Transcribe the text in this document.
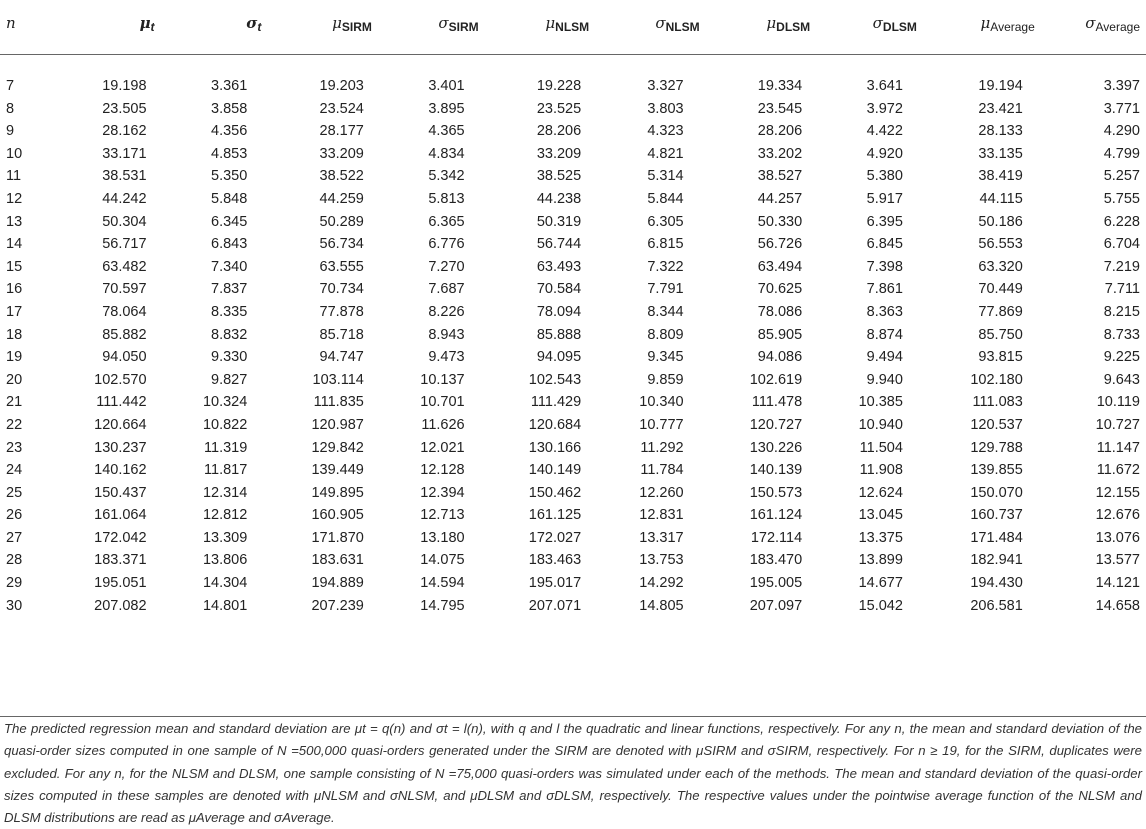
n	$\mu_t$	$\sigma_t$	$\mu_{SIRM}$	$\sigma_{SIRM}$	$\mu_{NLSM}$	$\sigma_{NLSM}$	$\mu_{DLSM}$	$\sigma_{DLSM}$	$\mu_{Average}$	$\sigma_{Average}$

7	19.198	3.361	19.203	3.401	19.228	3.327	19.334	3.641	19.194	3.397
8	23.505	3.858	23.524	3.895	23.525	3.803	23.545	3.972	23.421	3.771
9	28.162	4.356	28.177	4.365	28.206	4.323	28.206	4.422	28.133	4.290
10	33.171	4.853	33.209	4.834	33.209	4.821	33.202	4.920	33.135	4.799
11	38.531	5.350	38.522	5.342	38.525	5.314	38.527	5.380	38.419	5.257
12	44.242	5.848	44.259	5.813	44.238	5.844	44.257	5.917	44.115	5.755
13	50.304	6.345	50.289	6.365	50.319	6.305	50.330	6.395	50.186	6.228
14	56.717	6.843	56.734	6.776	56.744	6.815	56.726	6.845	56.553	6.704
15	63.482	7.340	63.555	7.270	63.493	7.322	63.494	7.398	63.320	7.219
16	70.597	7.837	70.734	7.687	70.584	7.791	70.625	7.861	70.449	7.711
17	78.064	8.335	77.878	8.226	78.094	8.344	78.086	8.363	77.869	8.215
18	85.882	8.832	85.718	8.943	85.888	8.809	85.905	8.874	85.750	8.733
19	94.050	9.330	94.747	9.473	94.095	9.345	94.086	9.494	93.815	9.225
20	102.570	9.827	103.114	10.137	102.543	9.859	102.619	9.940	102.180	9.643
21	111.442	10.324	111.835	10.701	111.429	10.340	111.478	10.385	111.083	10.119
22	120.664	10.822	120.987	11.626	120.684	10.777	120.727	10.940	120.537	10.727
23	130.237	11.319	129.842	12.021	130.166	11.292	130.226	11.504	129.788	11.147
24	140.162	11.817	139.449	12.128	140.149	11.784	140.139	11.908	139.855	11.672
25	150.437	12.314	149.895	12.394	150.462	12.260	150.573	12.624	150.070	12.155
26	161.064	12.812	160.905	12.713	161.125	12.831	161.124	13.045	160.737	12.676
27	172.042	13.309	171.870	13.180	172.027	13.317	172.114	13.375	171.484	13.076
28	183.371	13.806	183.631	14.075	183.463	13.753	183.470	13.899	182.941	13.577
29	195.051	14.304	194.889	14.594	195.017	14.292	195.005	14.677	194.430	14.121
30	207.082	14.801	207.239	14.795	207.071	14.805	207.097	15.042	206.581	14.658

The predicted regression mean and standard deviation are μt = q(n) and σt = l(n), with q and l the quadratic and linear functions, respectively. For any n, the mean and standard deviation of the quasi-order sizes computed in one sample of N =500,000 quasi-orders generated under the SIRM are denoted with μSIRM and σSIRM, respectively. For n ≥ 19, for the SIRM, duplicates were excluded. For any n, for the NLSM and DLSM, one sample consisting of N =75,000 quasi-orders was simulated under each of the methods. The mean and standard deviation of the quasi-order sizes computed in these samples are denoted with μNLSM and σNLSM, and μDLSM and σDLSM, respectively. The respective values under the pointwise average function of the NLSM and DLSM distributions are read as μAverage and σAverage.
